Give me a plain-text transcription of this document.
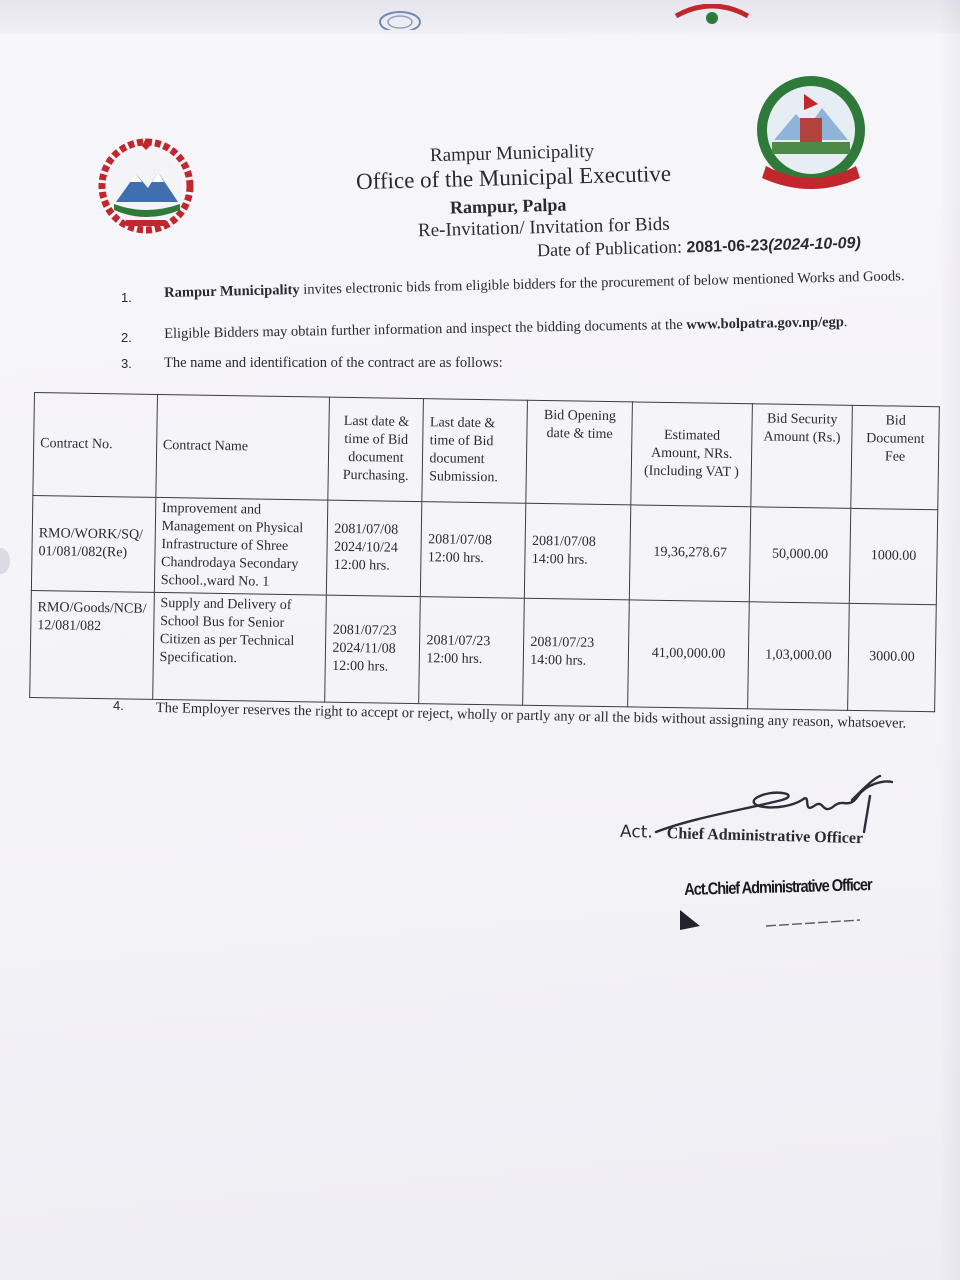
Rampur Municipality
Office of the Municipal Executive
Rampur, Palpa
Re-Invitation/ Invitation for Bids
Date of Publication: 2081-06-23(2024-10-09)
1. Rampur Municipality invites electronic bids from eligible bidders for the procurement of below mentioned Works and Goods.
2. Eligible Bidders may obtain further information and inspect the bidding documents at the www.bolpatra.gov.np/egp.
3. The name and identification of the contract are as follows:
Contract No.	Contract Name	Last date & time of Bid document Purchasing.	Last date & time of Bid document Submission.	Bid Opening date & time	Estimated Amount, NRs.(Including VAT )	Bid Security Amount (Rs.)	Bid Document Fee
RMO/WORK/SQ/01/081/082(Re)	Improvement and Management on Physical Infrastructure of Shree Chandrodaya Secondary School.,ward No. 1	2081/07/08 2024/10/24 12:00 hrs.	2081/07/08 12:00 hrs.	2081/07/08 14:00 hrs.	19,36,278.67	50,000.00	1000.00
RMO/Goods/NCB/12/081/082	Supply and Delivery of School Bus for Senior Citizen as per Technical Specification.	2081/07/23 2024/11/08 12:00 hrs.	2081/07/23 12:00 hrs.	2081/07/23 14:00 hrs.	41,00,000.00	1,03,000.00	3000.00
4. The Employer reserves the right to accept or reject, wholly or partly any or all the bids without assigning any reason, whatsoever.
Act. Chief Administrative Officer
Act.Chief Administrative Officer
